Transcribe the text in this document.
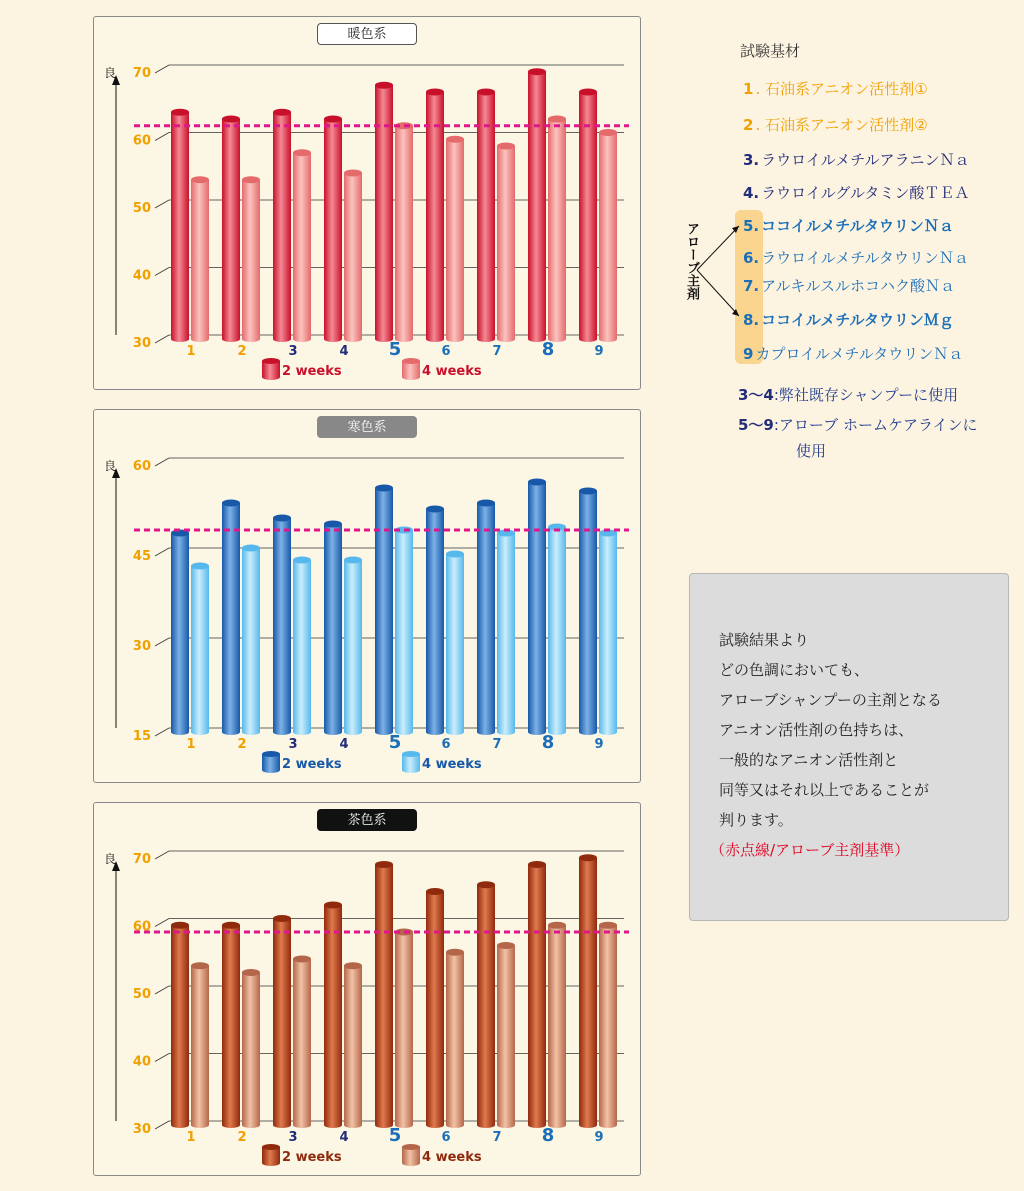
暖色系
良
30
40
50
60
70
1	2	3	4 5	6	7 8	9
2 weeks	4 weeks
寒色系
良
15
30
45
60
1	2	3	4 5	6	7 8	9
2 weeks	4 weeks
茶色系
良
30
40
50
60
70
1	2	3	4 5	6	7 8	9
2 weeks	4 weeks
試験基材
アローブ主剤
1 . 石油系アニオン活性剤①
2 . 石油系アニオン活性剤②
3. ラウロイルメチルアラニンＮａ
4. ラウロイルグルタミン酸ＴＥＡ
5. ココイルメチルタウリンＮａ
6. ラウロイルメチルタウリンＮａ
7. アルキルスルホコハク酸Ｎａ
8. ココイルメチルタウリンＭｇ
9 カプロイルメチルタウリンＮａ
3～4:弊社既存シャンプーに使用
5～9:アローブ ホームケアラインに
使用
試験結果より
どの色調においても、
アローブシャンプーの主剤となる
アニオン活性剤の色持ちは、
一般的なアニオン活性剤と
同等又はそれ以上であることが
判ります。
（赤点線/アローブ主剤基準）
